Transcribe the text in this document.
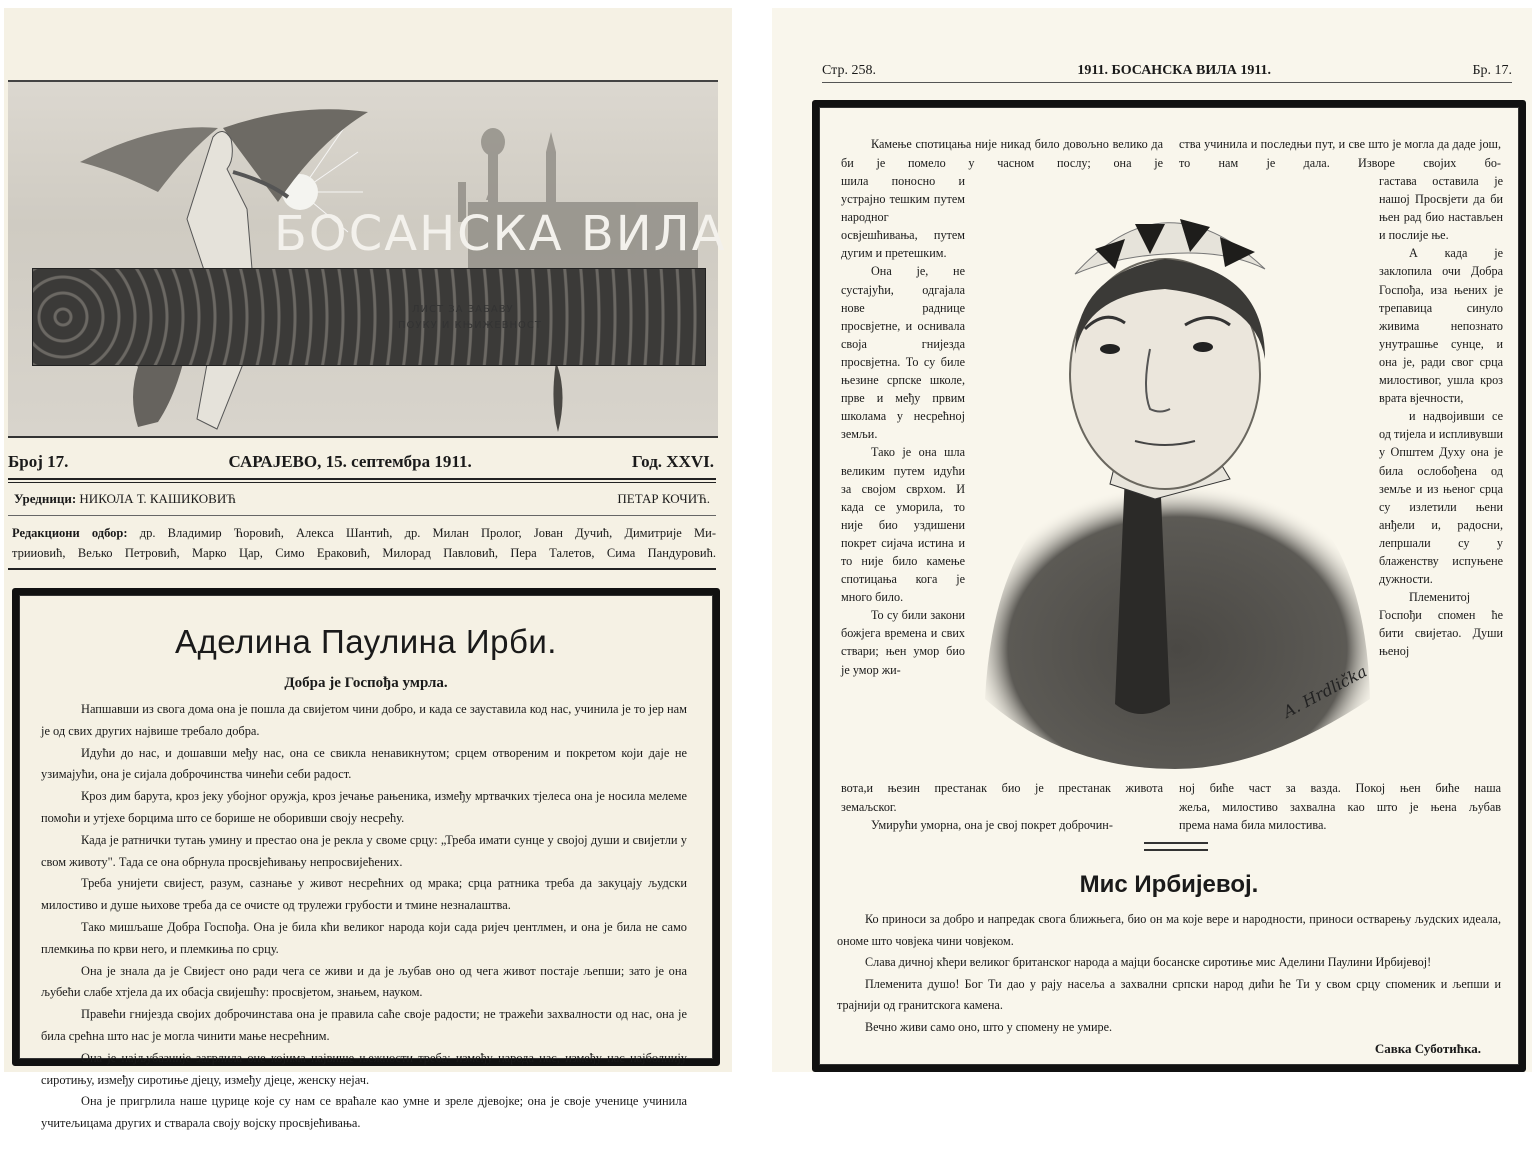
БОСАНСКА ВИЛА
ЛИСТ ЗА ЗАБАВУ
ПОУКУ И КЊИЖЕВНОСТ
Број 17.	САРАЈЕВО, 15. септембра 1911.	Год. XXVI.
Уредници: НИКОЛА Т. КАШИКОВИЋ	ПЕТАР КОЧИЋ.

Редакциони одбор: др. Владимир Ћоровић, Алекса Шантић, др. Милан Пролог, Јован Дучић, Димитрије Ми-

трииовић, Вељко Петровић, Марко Цар, Симо Ераковић, Милорад Павловић, Пера Талетов, Сима Пандуровић.

Аделина Паулина Ирби.
Добра је Госпођа умрла.

Напшавши из свога дома она је пошла да свијетом чини добро, и када се зауставила код нас, учинила је то јер нам је од свих других највише требало добра.

Идући до нас, и дошавши међу нас, она се свикла ненавикнутом; срцем отвореним и покретом који даје не узимајући, она је сијала доброчинства чинећи себи радост.

Кроз дим барута, кроз јеку убојног оружја, кроз јечање рањеника, између мртвачких тјелеса она је носила мелеме помоћи и утјехе борцима што се борише не оборивши своју несрећу.

Када је ратнички тутањ умину и престао она је рекла у своме срцу: „Треба имати сунце у својој души и свијетли у свом животу". Тада се она обрнула просвјећивању непросвијећених.

Треба унијети свијест, разум, сазнање у живот несрећних од мрака; срца ратника треба да закуцају људски милостиво и душе њихове треба да се очисте од трулежи грубости и тмине незналаштва.

Тако мишљаше Добра Госпођа. Она је била кћи великог народа који сада ријеч џентлмен, и она је била не само племкиња по крви него, и племкиња по срцу.

Она је знала да је Свијест оно ради чега се живи и да је љубав оно од чега живот постаје љепши; зато је она љубећи слабе хтјела да их обасја свијешћу: просвјетом, знањем, науком.

Правећи гнијезда својих доброчинстава она је правила саће своје радости; не тражећи захвалности од нас, она је била срећна што нас је могла чинити мање несрећним.

Она је најљубазније загрлила оне којима највише њежности треба: између народа нас, између нас најболнију сиротињу, између сиротиње дјецу, између дјеце, женску нејач.

Она је пригрлила наше цурице које су нам се враћале као умне и зреле дјевојке; она је своје ученице учинила учитељицама других и стварала своју војску просвјећивања.

Стр. 258.	1911. БОСАНСКА ВИЛА 1911.	Бр. 17.

Камење спотицања није никад било довољно велико да би је помело у часном послу; она је

ства учинила и последњи пут, и све што је могла да даде још, то нам је дала. Изворе својих бо-

шила поносно и устрајно тешким путем народног освјешћивања, путем дугим и претешким.

Она је, не сустајући, одгајала нове раднице просвјетне, и оснивала своја гнијезда просвјетна. То су биле њезине српске школе, прве и међу првим школама у несрећној земљи.

Тако је она шла великим путем идући за својом сврхом. И када се уморила, то није био уздишени покрет сијача истина и то није било камење спотицања кога је много било.

То су били закони божјега времена и свих ствари; њен умор био је умор жи-	A. Hrdlička

гастава оставила је нашој Просвјети да би њен рад био настављен и послије ње.

А када је заклопила очи Добра Госпођа, иза њених је трепавица синуло живима непознато унутрашње сунце, и она је, ради свог срца милостивог, ушла кроз врата вјечности,

и надвојивши се од тијела и испливувши у Општем Духу она је била ослобођена од земље и из њеног срца су излетили њени анђели и, радосни, лепршали су у блаженству испуњене дужности.

Племенитој Госпођи спомен ће бити свијетао. Души њеној

вота,и њезин престанак био је престанак живота
земаљског.
Умирући уморна, она је свој покрет доброчин-
ној биће част за вазда. Покој њен биће наша
жеља, милостиво захвална као што је њена љубав
према нама била милостива.
Мис Ирбијевој.

Ко приноси за добро и напредак свога ближњега, био он ма које вере и народности, приноси остварењу људских идеала, ономе што човјека чини човјеком.

Слава дичној кћери великог британског народа а мајци босанске сиротиње мис Аделини Паулини Ирбијевој!

Племенита душо! Бог Ти дао у рају насеља а захвални српски народ дићи ће Ти у свом срцу споменик и љепши и трајнији од гранитскога камена.

Вечно живи само оно, што у спомену не умире.

Савка Суботићка.
